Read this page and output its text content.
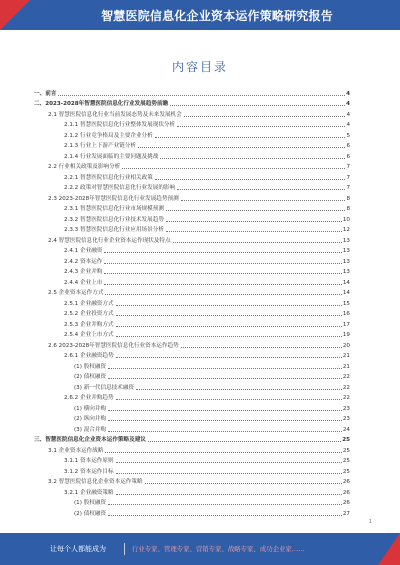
智慧医院信息化企业资本运作策略研究报告
内容目录
一、前言	4
二、2023-2028年智慧医院信息化行业发展趋势前瞻	4
2.1 智慧医院信息化行业当前发展态势及未来发展机会	4
2.1.1 智慧医院信息化行业整体发展现状分析	4
2.1.2 行业竞争格局及主要企业分析	5
2.1.3 行业上下游产业链分析	6
2.1.4 行业发展面临的主要问题及挑战	6
2.2 行业相关政策及影响分析	7
2.2.1 智慧医院信息化行业相关政策	7
2.2.2 政策对智慧医院信息化行业发展的影响	7
2.3 2023-2028年智慧医院信息化行业发展趋势预测	8
2.3.1 智慧医院信息化行业市场规模预测	8
2.3.2 智慧医院信息化行业技术发展趋势	10
2.3.3 智慧医院信息化行业应用场景分析	12
2.4 智慧医院信息化行业企业资本运作现状及特点	13
2.4.1 企业融资	13
2.4.2 资本运作	13
2.4.3 企业并购	13
2.4.4 企业上市	14
2.5 企业资本运作方式	14
2.5.1 企业融资方式	15
2.5.2 企业投资方式	16
2.5.3 企业并购方式	17
2.5.4 企业上市方式	19
2.6 2023-2028年智慧医院信息化行业资本运作趋势	20
2.6.1 企业融资趋势	21
(1) 股权融资	21
(2) 债权融资	22
(3) 新一代信息技术融资	22
2.6.2 企业并购趋势	22
(1) 横向并购	23
(2) 纵向并购	23
(3) 混合并购	24
三、智慧医院信息化企业资本运作策略及建议	25
3.1 企业资本运作战略	25
3.1.1 资本运作原则	25
3.1.2 资本运作目标	25
3.2 智慧医院信息化企业资本运作策略	26
3.2.1 企业融资策略	26
(1) 股权融资	26
(2) 债权融资	27
1
让每个人都能成为	行业专家、管理专家、营销专家、战略专家、成功企业家……
